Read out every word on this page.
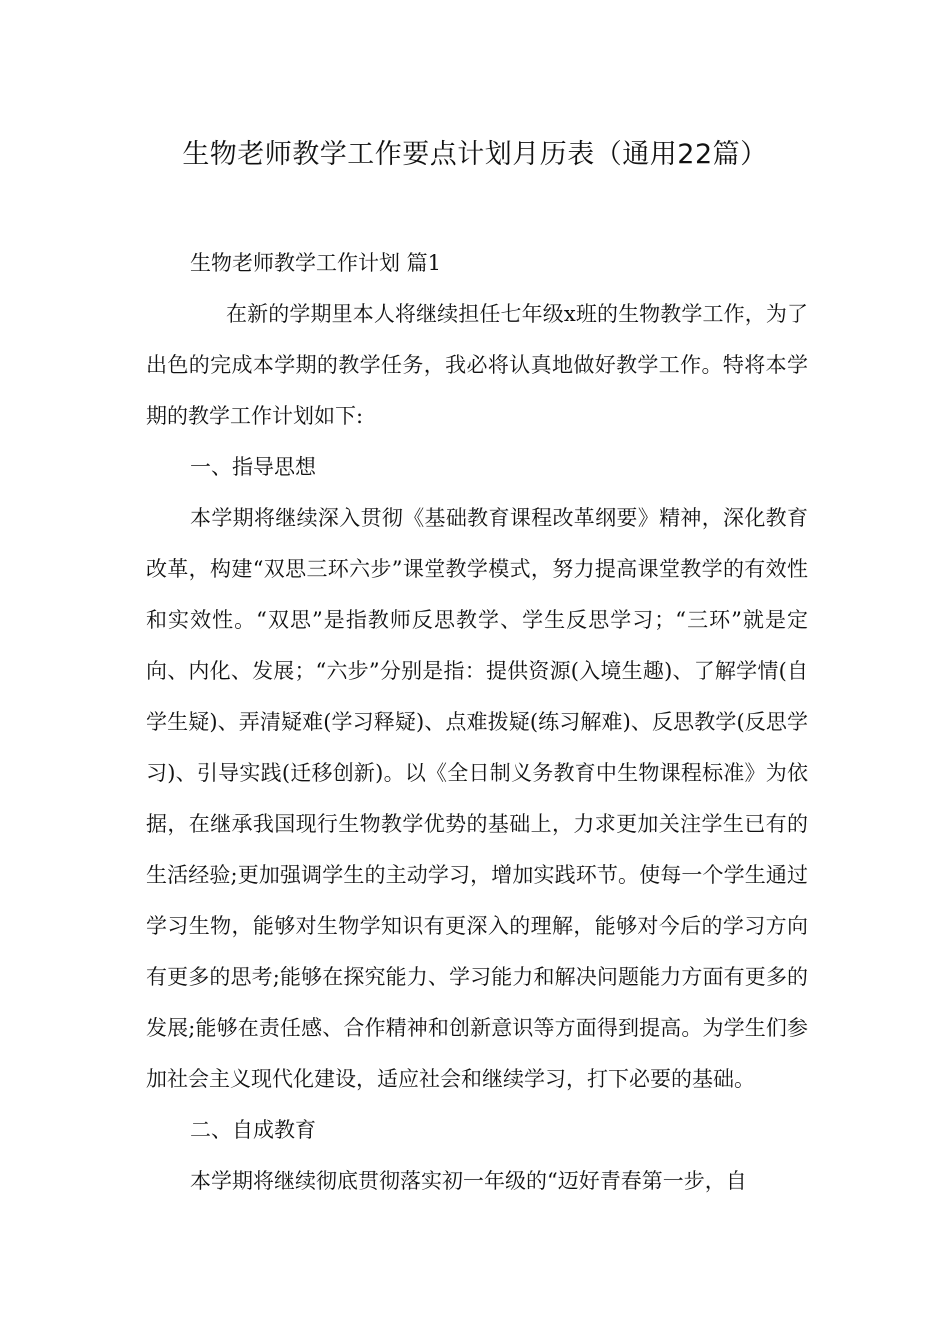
生物老师教学工作要点计划月历表（通用22篇）

生物老师教学工作计划 篇1

在新的学期里本人将继续担任七年级x班的生物教学工作，为了出色的完成本学期的教学任务，我必将认真地做好教学工作。特将本学期的教学工作计划如下:

一、指导思想

本学期将继续深入贯彻《基础教育课程改革纲要》精神，深化教育改革，构建“双思三环六步”课堂教学模式，努力提高课堂教学的有效性和实效性。“双思”是指教师反思教学、学生反思学习；“三环”就是定向、内化、发展；“六步”分别是指：提供资源(入境生趣)、了解学情(自学生疑)、弄清疑难(学习释疑)、点难拨疑(练习解难)、反思教学(反思学习)、引导实践(迁移创新)。以《全日制义务教育中生物课程标准》为依据，在继承我国现行生物教学优势的基础上，力求更加关注学生已有的生活经验;更加强调学生的主动学习，增加实践环节。使每一个学生通过学习生物，能够对生物学知识有更深入的理解，能够对今后的学习方向有更多的思考;能够在探究能力、学习能力和解决问题能力方面有更多的发展;能够在责任感、合作精神和创新意识等方面得到提高。为学生们参加社会主义现代化建设，适应社会和继续学习，打下必要的基础。

二、自成教育

本学期将继续彻底贯彻落实初一年级的“迈好青春第一步，自
